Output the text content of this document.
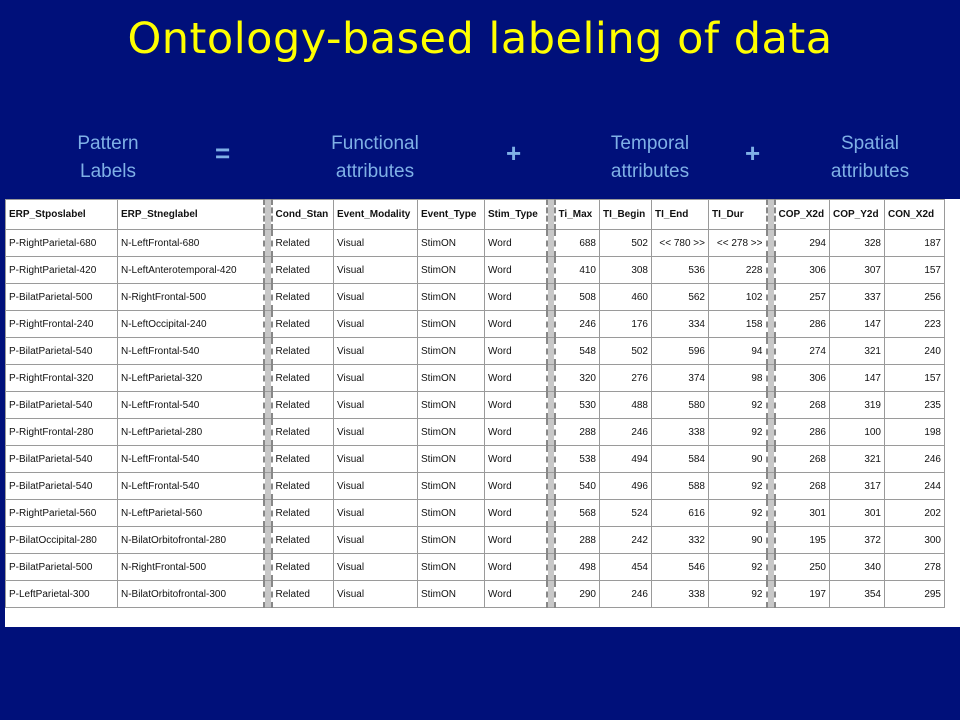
Ontology-based labeling of data
Pattern
Labels
=	Functional
attributes
+	Temporal
attributes
+	Spatial
attributes
ERP_Stposlabel	ERP_Stneglabel		Cond_Stan	Event_Modality	Event_Type	Stim_Type		Ti_Max	TI_Begin	TI_End	TI_Dur		COP_X2d	COP_Y2d	CON_X2d
P-RightParietal-680	N-LeftFrontal-680		Related	Visual	StimON	Word		688	502	<< 780 >>	<< 278 >>		294	328	187
P-RightParietal-420	N-LeftAnterotemporal-420		Related	Visual	StimON	Word		410	308	536	228		306	307	157
P-BilatParietal-500	N-RightFrontal-500		Related	Visual	StimON	Word		508	460	562	102		257	337	256
P-RightFrontal-240	N-LeftOccipital-240		Related	Visual	StimON	Word		246	176	334	158		286	147	223
P-BilatParietal-540	N-LeftFrontal-540		Related	Visual	StimON	Word		548	502	596	94		274	321	240
P-RightFrontal-320	N-LeftParietal-320		Related	Visual	StimON	Word		320	276	374	98		306	147	157
P-BilatParietal-540	N-LeftFrontal-540		Related	Visual	StimON	Word		530	488	580	92		268	319	235
P-RightFrontal-280	N-LeftParietal-280		Related	Visual	StimON	Word		288	246	338	92		286	100	198
P-BilatParietal-540	N-LeftFrontal-540		Related	Visual	StimON	Word		538	494	584	90		268	321	246
P-BilatParietal-540	N-LeftFrontal-540		Related	Visual	StimON	Word		540	496	588	92		268	317	244
P-RightParietal-560	N-LeftParietal-560		Related	Visual	StimON	Word		568	524	616	92		301	301	202
P-BilatOccipital-280	N-BilatOrbitofrontal-280		Related	Visual	StimON	Word		288	242	332	90		195	372	300
P-BilatParietal-500	N-RightFrontal-500		Related	Visual	StimON	Word		498	454	546	92		250	340	278
P-LeftParietal-300	N-BilatOrbitofrontal-300		Related	Visual	StimON	Word		290	246	338	92		197	354	295
